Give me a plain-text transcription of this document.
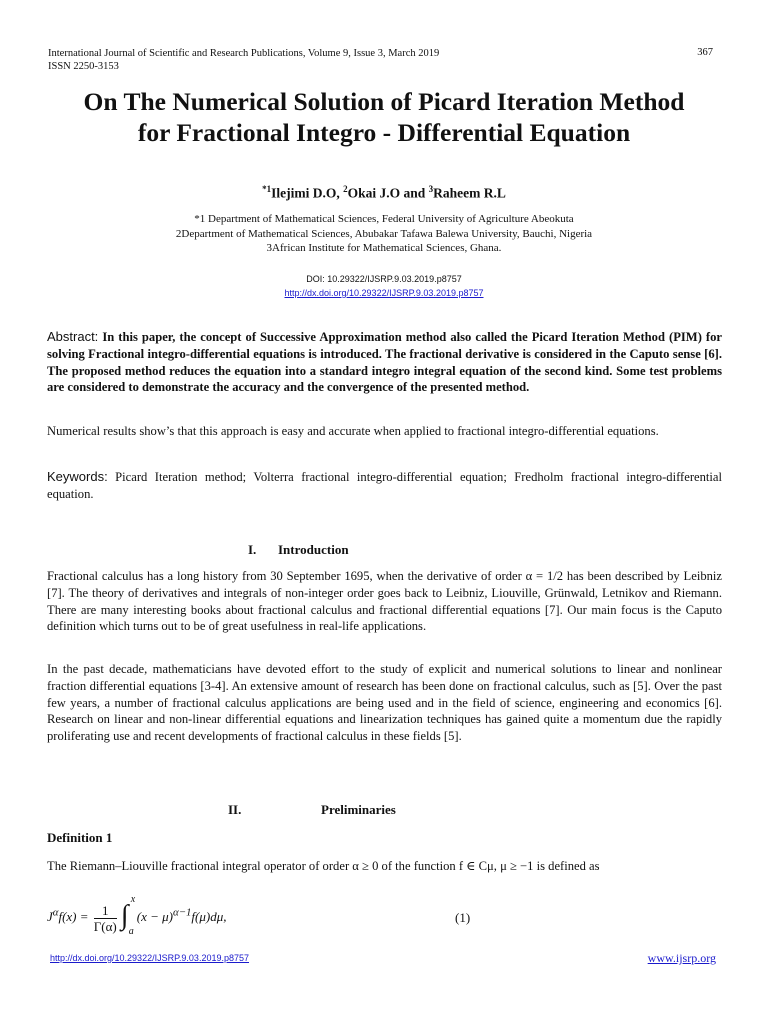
International Journal of Scientific and Research Publications, Volume 9, Issue 3, March 2019
ISSN 2250-3153
367
On The Numerical Solution of Picard Iteration Method
for Fractional Integro - Differential Equation
$^{*1}$Ilejimi D.O, $^2$Okai J.O and $^3$Raheem R.L
*1 Department of Mathematical Sciences, Federal University of Agriculture Abeokuta
2Department of Mathematical Sciences, Abubakar Tafawa Balewa University, Bauchi, Nigeria
3African Institute for Mathematical Sciences, Ghana.
DOI: 10.29322/IJSRP.9.03.2019.p8757
http://dx.doi.org/10.29322/IJSRP.9.03.2019.p8757
Abstract: In this paper, the concept of Successive Approximation method also called the Picard Iteration Method (PIM) for solving Fractional integro-differential equations is introduced. The fractional derivative is considered in the Caputo sense [6]. The proposed method reduces the equation into a standard integro integral equation of the second kind. Some test problems are considered to demonstrate the accuracy and the convergence of the presented method.
Numerical results show’s that this approach is easy and accurate when applied to fractional integro-differential equations.
Keywords: Picard Iteration method; Volterra fractional integro-differential equation; Fredholm fractional integro-differential equation.
I. Introduction
Fractional calculus has a long history from 30 September 1695, when the derivative of order α = 1/2 has been described by Leibniz [7]. The theory of derivatives and integrals of non-integer order goes back to Leibniz, Liouville, Grünwald, Letnikov and Riemann. There are many interesting books about fractional calculus and fractional differential equations [7]. Our main focus is the Caputo definition which turns out to be of great usefulness in real-life applications.
In the past decade, mathematicians have devoted effort to the study of explicit and numerical solutions to linear and nonlinear fraction differential equations [3-4]. An extensive amount of research has been done on fractional calculus, such as [5]. Over the past few years, a number of fractional calculus applications are being used and in the field of science, engineering and economics [6]. Research on linear and non-linear differential equations and linearization techniques has gained quite a momentum due the rapidly proliferating use and recent developments of fractional calculus in these fields [5].
II.	Preliminaries
Definition 1
The Riemann–Liouville fractional integral operator of order α ≥ 0 of the function f ∈ Cμ, μ ≥ −1 is defined as
$J^\alpha f(x) = \frac{1}{\Gamma(\alpha)}$ ∫
x
a
$(x - \mu)^{\alpha-1}f(\mu)d\mu$,	(1)
http://dx.doi.org/10.29322/IJSRP.9.03.2019.p8757	www.ijsrp.org
